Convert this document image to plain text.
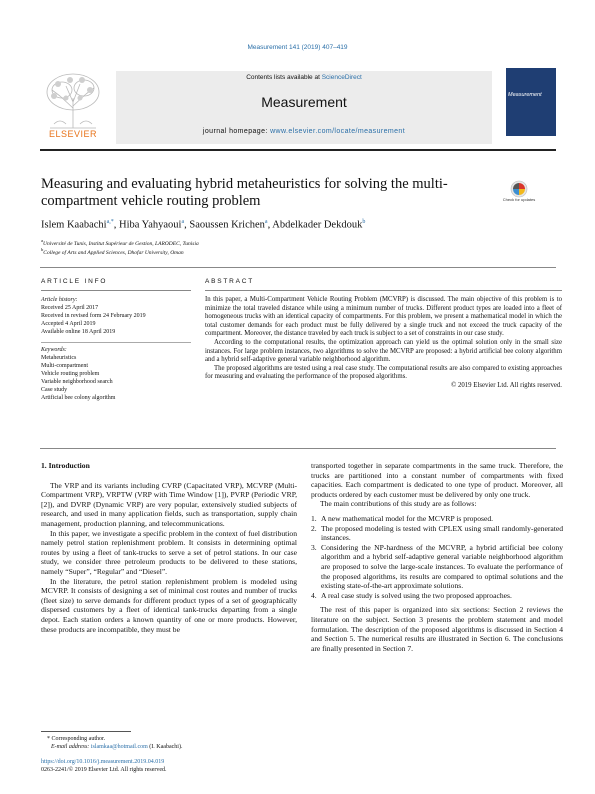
Measurement 141 (2019) 407–419
Contents lists available at ScienceDirect
Measurement
journal homepage: www.elsevier.com/locate/measurement
ELSEVIER
Measurement
Measuring and evaluating hybrid metaheuristics for solving the multi-compartment vehicle routing problem	Check for updates
Islem Kaabachi$^{a,*}$, Hiba Yahyaoui$^a$, Saoussen Krichen$^a$, Abdelkader Dekdouk$^b$
$^a$Université de Tunis, Institut Supérieur de Gestion, LARODEC, Tunisia
$^b$College of Arts and Applied Sciences, Dhofar University, Oman
ARTICLE INFO
Article history:
Received 25 April 2017
Received in revised form 24 February 2019
Accepted 4 April 2019
Available online 18 April 2019
Keywords:
Metaheuristics
Multi-compartment
Vehicle routing problem
Variable neighborhood search
Case study
Artificial bee colony algorithm
ABSTRACT

In this paper, a Multi-Compartment Vehicle Routing Problem (MCVRP) is discussed. The main objective of this problem is to minimize the total traveled distance while using a minimum number of trucks. Different product types are loaded into a fleet of homogeneous trucks with an identical capacity of compartments. For this problem, we present a mathematical model in which the total customer demands for each product must be fully delivered by a single truck and not exceed the truck capacity of the compartment. Moreover, the distance traveled by each truck is subject to a set of constraints in our case study.

According to the computational results, the optimization approach can yield us the optimal solution only in the small size instances. For large problem instances, two algorithms to solve the MCVRP are proposed: a hybrid artificial bee colony algorithm and a hybrid self-adaptive general variable neighborhood algorithm.

The proposed algorithms are tested using a real case study. The computational results are also compared to existing approaches for measuring and evaluating the performance of the proposed algorithms.

© 2019 Elsevier Ltd. All rights reserved.
1. Introduction

The VRP and its variants including CVRP (Capacitated VRP), MCVRP (Multi-Compartment VRP), VRPTW (VRP with Time Window [1]), PVRP (Periodic VRP, [2]), and DVRP (Dynamic VRP) are very popular, extensively studied subjects of research, and used in many application fields, such as transportation, supply chain management, production planning, and telecommunications.

In this paper, we investigate a specific problem in the context of fuel distribution namely petrol station replenishment problem. It consists in determining optimal routes by using a fleet of tank-trucks to serve a set of petrol stations. In our case study, we consider three petroleum products to be delivered to these stations, namely “Super”, “Regular” and “Diesel”.

In the literature, the petrol station replenishment problem is modeled using MCVRP. It consists of designing a set of minimal cost routes and number of trucks (fleet size) to serve demands for different product types of a set of geographically dispersed customers by a fleet of identical tank-trucks departing from a single depot. Each station orders a known quantity of one or more products. However, these products are incompatible, they must be

transported together in separate compartments in the same truck. Therefore, the trucks are partitioned into a constant number of compartments with fixed capacities. Each compartment is dedicated to one type of product. Moreover, all products ordered by each customer must be delivered by only one truck.

The main contributions of this study are as follows:

1. A new mathematical model for the MCVRP is proposed.
2. The proposed modeling is tested with CPLEX using small randomly-generated instances.
3. Considering the NP-hardness of the MCVRP, a hybrid artificial bee colony algorithm and a hybrid self-adaptive general variable neighborhood algorithm are proposed to solve the large-scale instances. To evaluate the performance of the proposed algorithms, its results are compared to optimal solutions and the existing state-of-the-art approximate solutions.
4. A real case study is solved using the two proposed approaches.

The rest of this paper is organized into six sections: Section 2 reviews the literature on the subject. Section 3 presents the problem statement and model formulation. The description of the proposed algorithms is discussed in Section 4 and Section 5. The numerical results are illustrated in Section 6. The conclusions are finally presented in Section 7.

* Corresponding author.
E-mail address: islamkaa@hotmail.com (I. Kaabachi).
https://doi.org/10.1016/j.measurement.2019.04.019
0263-2241/© 2019 Elsevier Ltd. All rights reserved.
